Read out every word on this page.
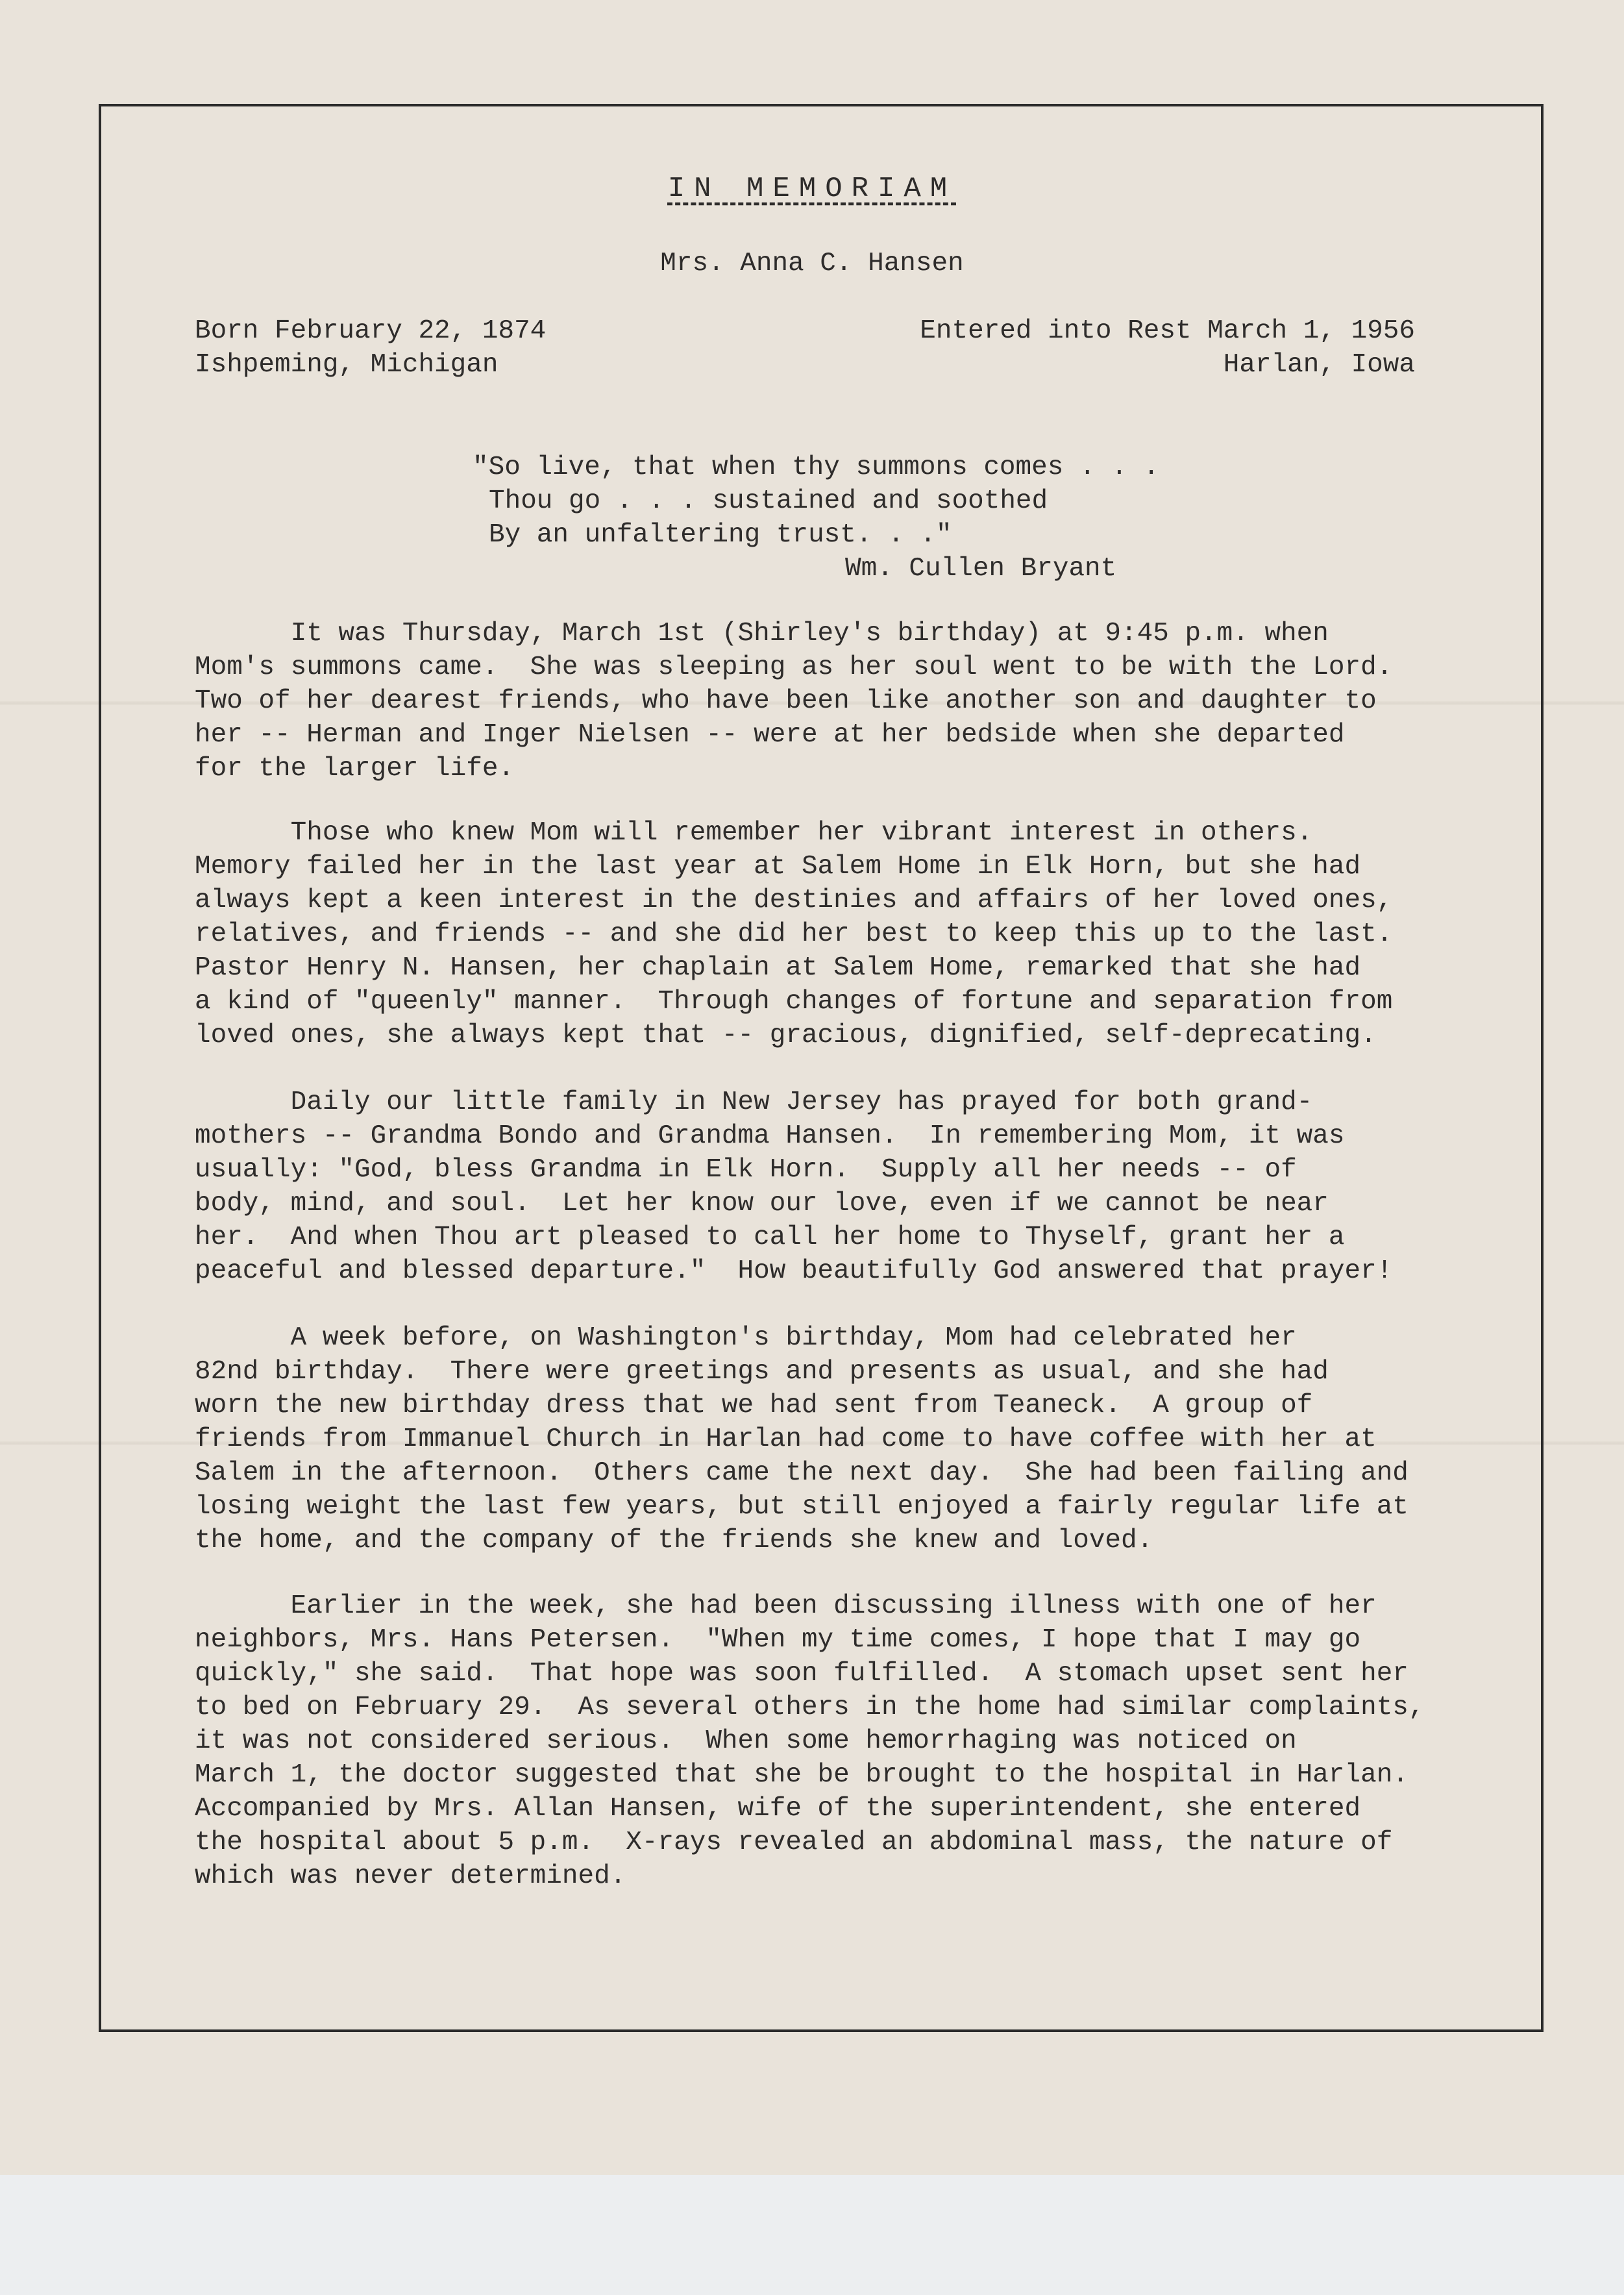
IN MEMORIAM
Mrs. Anna C. Hansen
Born February 22, 1874
Ishpeming, Michigan
Entered into Rest March 1, 1956
Harlan, Iowa
"So live, that when thy summons comes . . .
Thou go . . . sustained and soothed
By an unfaltering trust. . ."
Wm. Cullen Bryant
It was Thursday, March 1st (Shirley's birthday) at 9:45 p.m. when
Mom's summons came.  She was sleeping as her soul went to be with the Lord.
Two of her dearest friends, who have been like another son and daughter to
her -- Herman and Inger Nielsen -- were at her bedside when she departed
for the larger life.
Those who knew Mom will remember her vibrant interest in others.
Memory failed her in the last year at Salem Home in Elk Horn, but she had
always kept a keen interest in the destinies and affairs of her loved ones,
relatives, and friends -- and she did her best to keep this up to the last.
Pastor Henry N. Hansen, her chaplain at Salem Home, remarked that she had
a kind of "queenly" manner.  Through changes of fortune and separation from
loved ones, she always kept that -- gracious, dignified, self-deprecating.
Daily our little family in New Jersey has prayed for both grand-
mothers -- Grandma Bondo and Grandma Hansen.  In remembering Mom, it was
usually: "God, bless Grandma in Elk Horn.  Supply all her needs -- of
body, mind, and soul.  Let her know our love, even if we cannot be near
her.  And when Thou art pleased to call her home to Thyself, grant her a
peaceful and blessed departure."  How beautifully God answered that prayer!
A week before, on Washington's birthday, Mom had celebrated her
82nd birthday.  There were greetings and presents as usual, and she had
worn the new birthday dress that we had sent from Teaneck.  A group of
friends from Immanuel Church in Harlan had come to have coffee with her at
Salem in the afternoon.  Others came the next day.  She had been failing and
losing weight the last few years, but still enjoyed a fairly regular life at
the home, and the company of the friends she knew and loved.
Earlier in the week, she had been discussing illness with one of her
neighbors, Mrs. Hans Petersen.  "When my time comes, I hope that I may go
quickly," she said.  That hope was soon fulfilled.  A stomach upset sent her
to bed on February 29.  As several others in the home had similar complaints,
it was not considered serious.  When some hemorrhaging was noticed on
March 1, the doctor suggested that she be brought to the hospital in Harlan.
Accompanied by Mrs. Allan Hansen, wife of the superintendent, she entered
the hospital about 5 p.m.  X-rays revealed an abdominal mass, the nature of
which was never determined.
